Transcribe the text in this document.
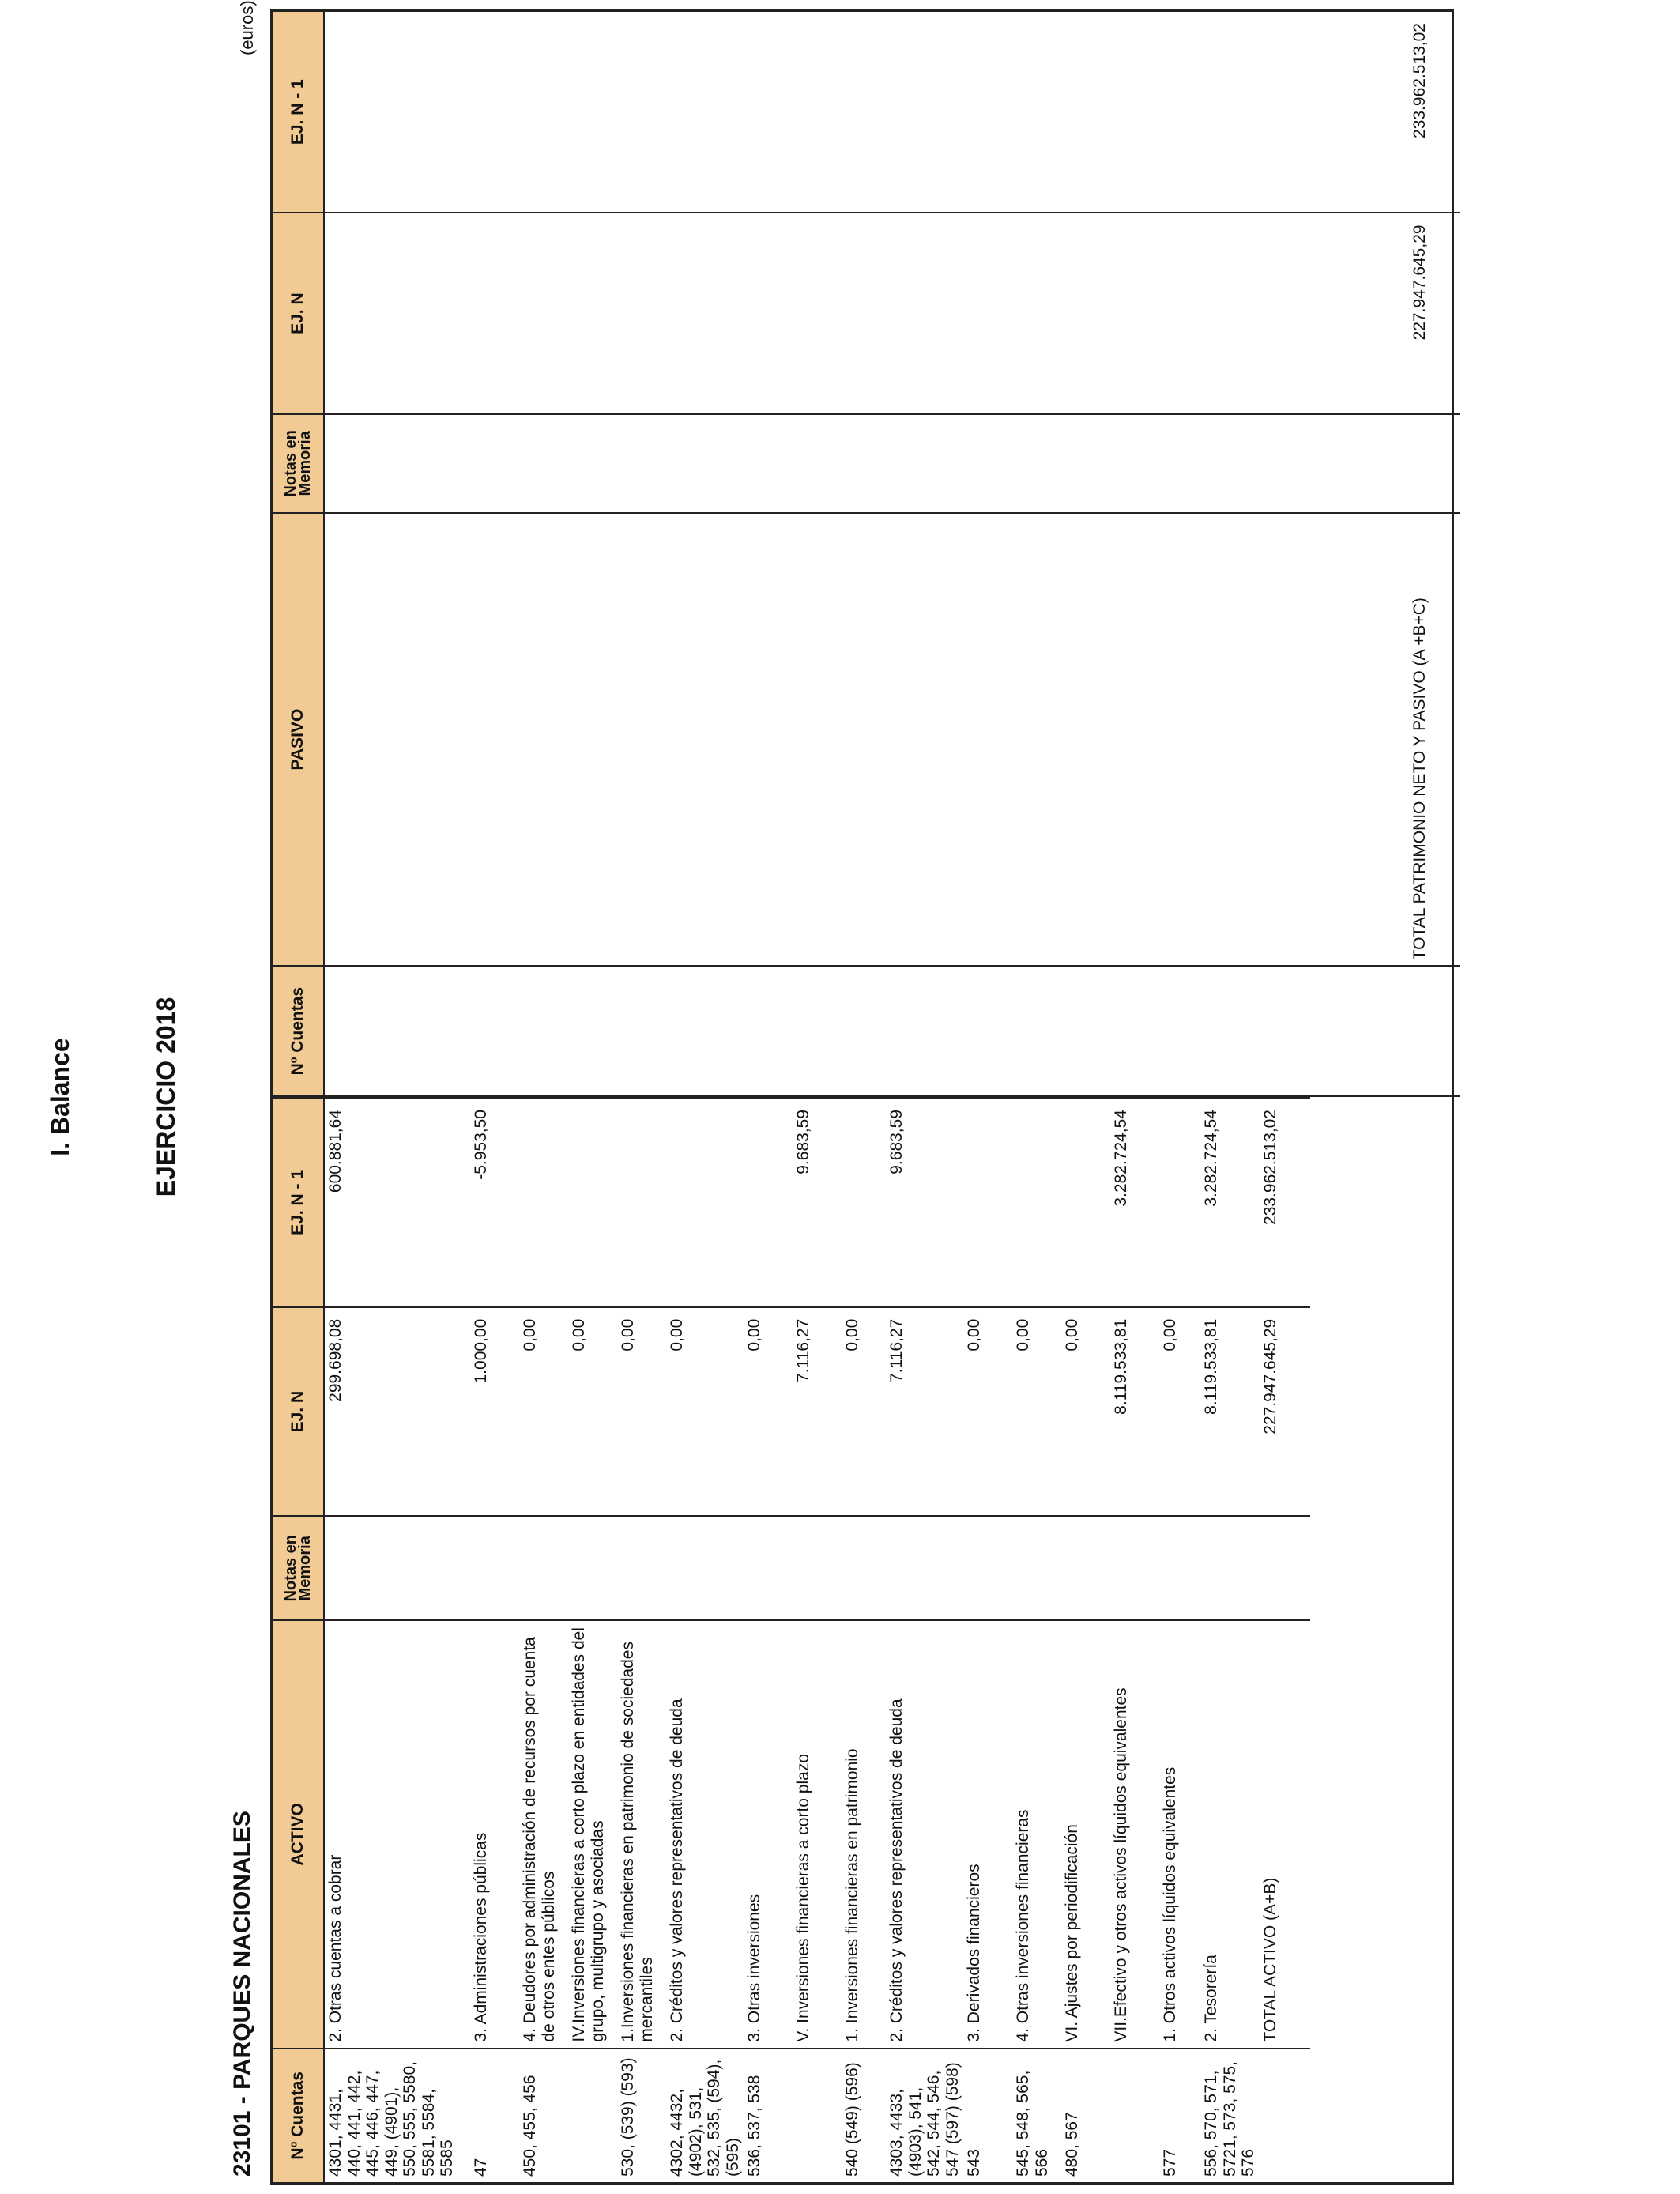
I. Balance	EJERCICIO 2018
23101 - PARQUES NACIONALES
(euros)
Nº Cuentas	ACTIVO	Notas en Memoria	EJ. N	EJ. N - 1
4301, 4431, 440, 441, 442, 445, 446, 447, 449, (4901), 550, 555, 5580, 5581, 5584, 5585	2. Otras cuentas a cobrar		299.698,08	600.881,64
47	3. Administraciones públicas		1.000,00	-5.953,50
450, 455, 456	4. Deudores por administración de recursos por cuenta de otros entes públicos		0,00	
	IV.Inversiones financieras a corto plazo en entidades del grupo, multigrupo y asociadas		0,00	
530, (539) (593)	1.Inversiones financieras en patrimonio de sociedades mercantiles		0,00	
4302, 4432, (4902), 531, 532, 535, (594), (595)	2. Créditos y valores representativos de deuda		0,00	
536, 537, 538	3. Otras inversiones		0,00	
	V. Inversiones financieras a corto plazo		7.116,27	9.683,59
540 (549) (596)	1. Inversiones financieras en patrimonio		0,00	
4303, 4433, (4903), 541, 542, 544, 546, 547 (597) (598)	2. Créditos y valores representativos de deuda		7.116,27	9.683,59
543	3. Derivados financieros		0,00	
545, 548, 565, 566	4. Otras inversiones financieras		0,00	
480, 567	VI. Ajustes por periodificación		0,00	
	VII.Efectivo y otros activos líquidos equivalentes		8.119.533,81	3.282.724,54
577	1. Otros activos líquidos equivalentes		0,00	
556, 570, 571, 5721, 573, 575, 576	2. Tesorería		8.119.533,81	3.282.724,54
	TOTAL ACTIVO (A+B)		227.947.645,29	233.962.513,02
Nº Cuentas	PASIVO	Notas en Memoria	EJ. N	EJ. N - 1

	TOTAL PATRIMONIO NETO Y PASIVO (A +B+C)		227.947.645,29	233.962.513,02
